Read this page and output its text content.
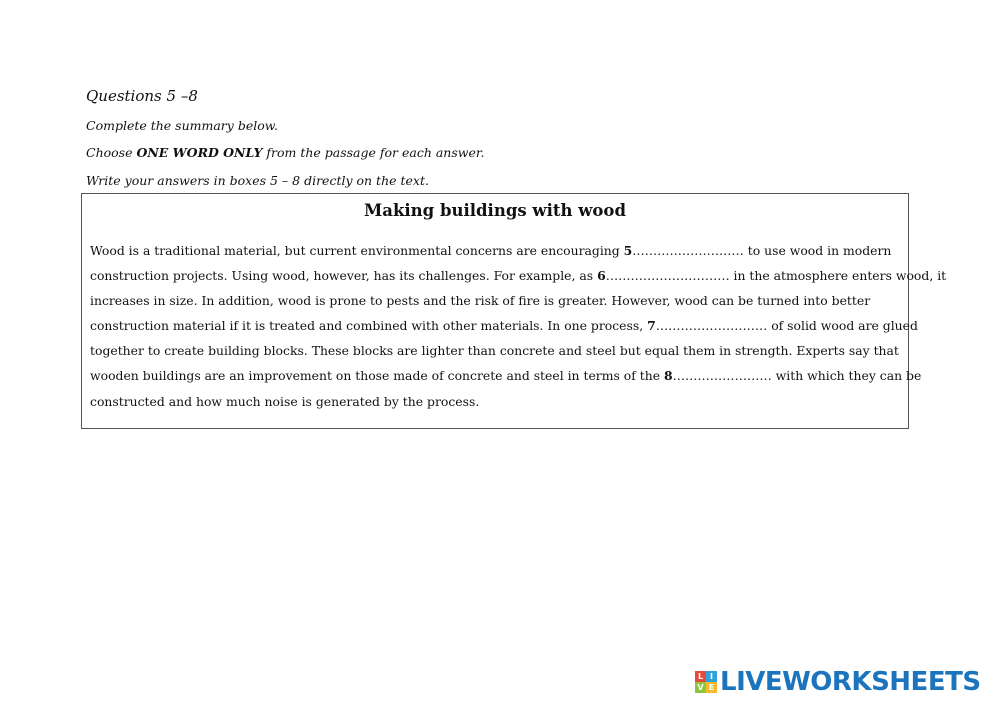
Questions 5 –8
Complete the summary below.
Choose ONE WORD ONLY from the passage for each answer.
Write your answers in boxes 5 – 8 directly on the text.
Making buildings with wood
Wood is a traditional material, but current environmental concerns are encouraging 5……………………… to use wood in modern
construction projects. Using wood, however, has its challenges. For example, as 6………………………… in the atmosphere enters wood, it
increases in size. In addition, wood is prone to pests and the risk of fire is greater. However, wood can be turned into better
construction material if it is treated and combined with other materials. In one process, 7……………………… of solid wood are glued
together to create building blocks. These blocks are lighter than concrete and steel but equal them in strength. Experts say that
wooden buildings are an improvement on those made of concrete and steel in terms of the 8…………………… with which they can be
constructed and how much noise is generated by the process.
L I
V E LIVEWORKSHEETS
